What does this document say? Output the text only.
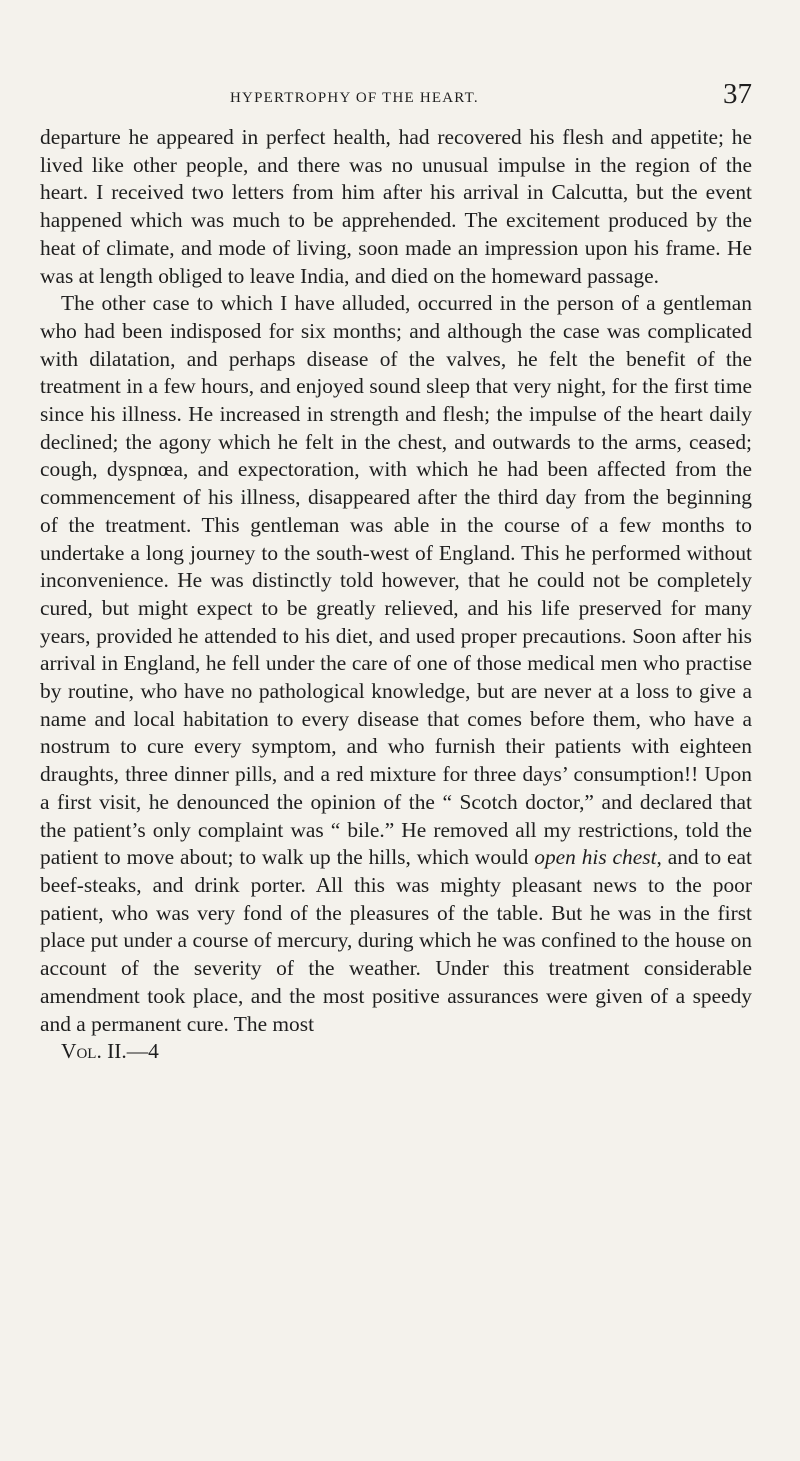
HYPERTROPHY OF THE HEART.	37

departure he appeared in perfect health, had recovered his flesh and appetite; he lived like other people, and there was no unusual impulse in the region of the heart. I received two letters from him after his arrival in Calcutta, but the event happened which was much to be apprehended. The excitement produced by the heat of climate, and mode of living, soon made an impression upon his frame. He was at length obliged to leave India, and died on the homeward passage.

The other case to which I have alluded, occurred in the person of a gentleman who had been indisposed for six months; and although the case was complicated with dilatation, and perhaps disease of the valves, he felt the benefit of the treatment in a few hours, and enjoyed sound sleep that very night, for the first time since his illness. He increased in strength and flesh; the impulse of the heart daily declined; the agony which he felt in the chest, and outwards to the arms, ceased; cough, dyspnœa, and expectoration, with which he had been affected from the commencement of his illness, disappeared after the third day from the beginning of the treatment. This gentleman was able in the course of a few months to undertake a long journey to the south-west of England. This he performed without inconvenience. He was distinctly told however, that he could not be completely cured, but might expect to be greatly relieved, and his life preserved for many years, provided he attended to his diet, and used proper precautions. Soon after his arrival in England, he fell under the care of one of those medical men who practise by routine, who have no pathological knowledge, but are never at a loss to give a name and local habitation to every disease that comes before them, who have a nostrum to cure every symptom, and who furnish their patients with eighteen draughts, three dinner pills, and a red mixture for three days’ consumption!! Upon a first visit, he denounced the opinion of the “ Scotch doctor,” and declared that the patient’s only complaint was “ bile.” He removed all my restrictions, told the patient to move about; to walk up the hills, which would open his chest, and to eat beef-steaks, and drink porter. All this was mighty pleasant news to the poor patient, who was very fond of the pleasures of the table. But he was in the first place put under a course of mercury, during which he was confined to the house on account of the severity of the weather. Under this treatment considerable amendment took place, and the most positive assurances were given of a speedy and a permanent cure. The most

Vol. II.—4
